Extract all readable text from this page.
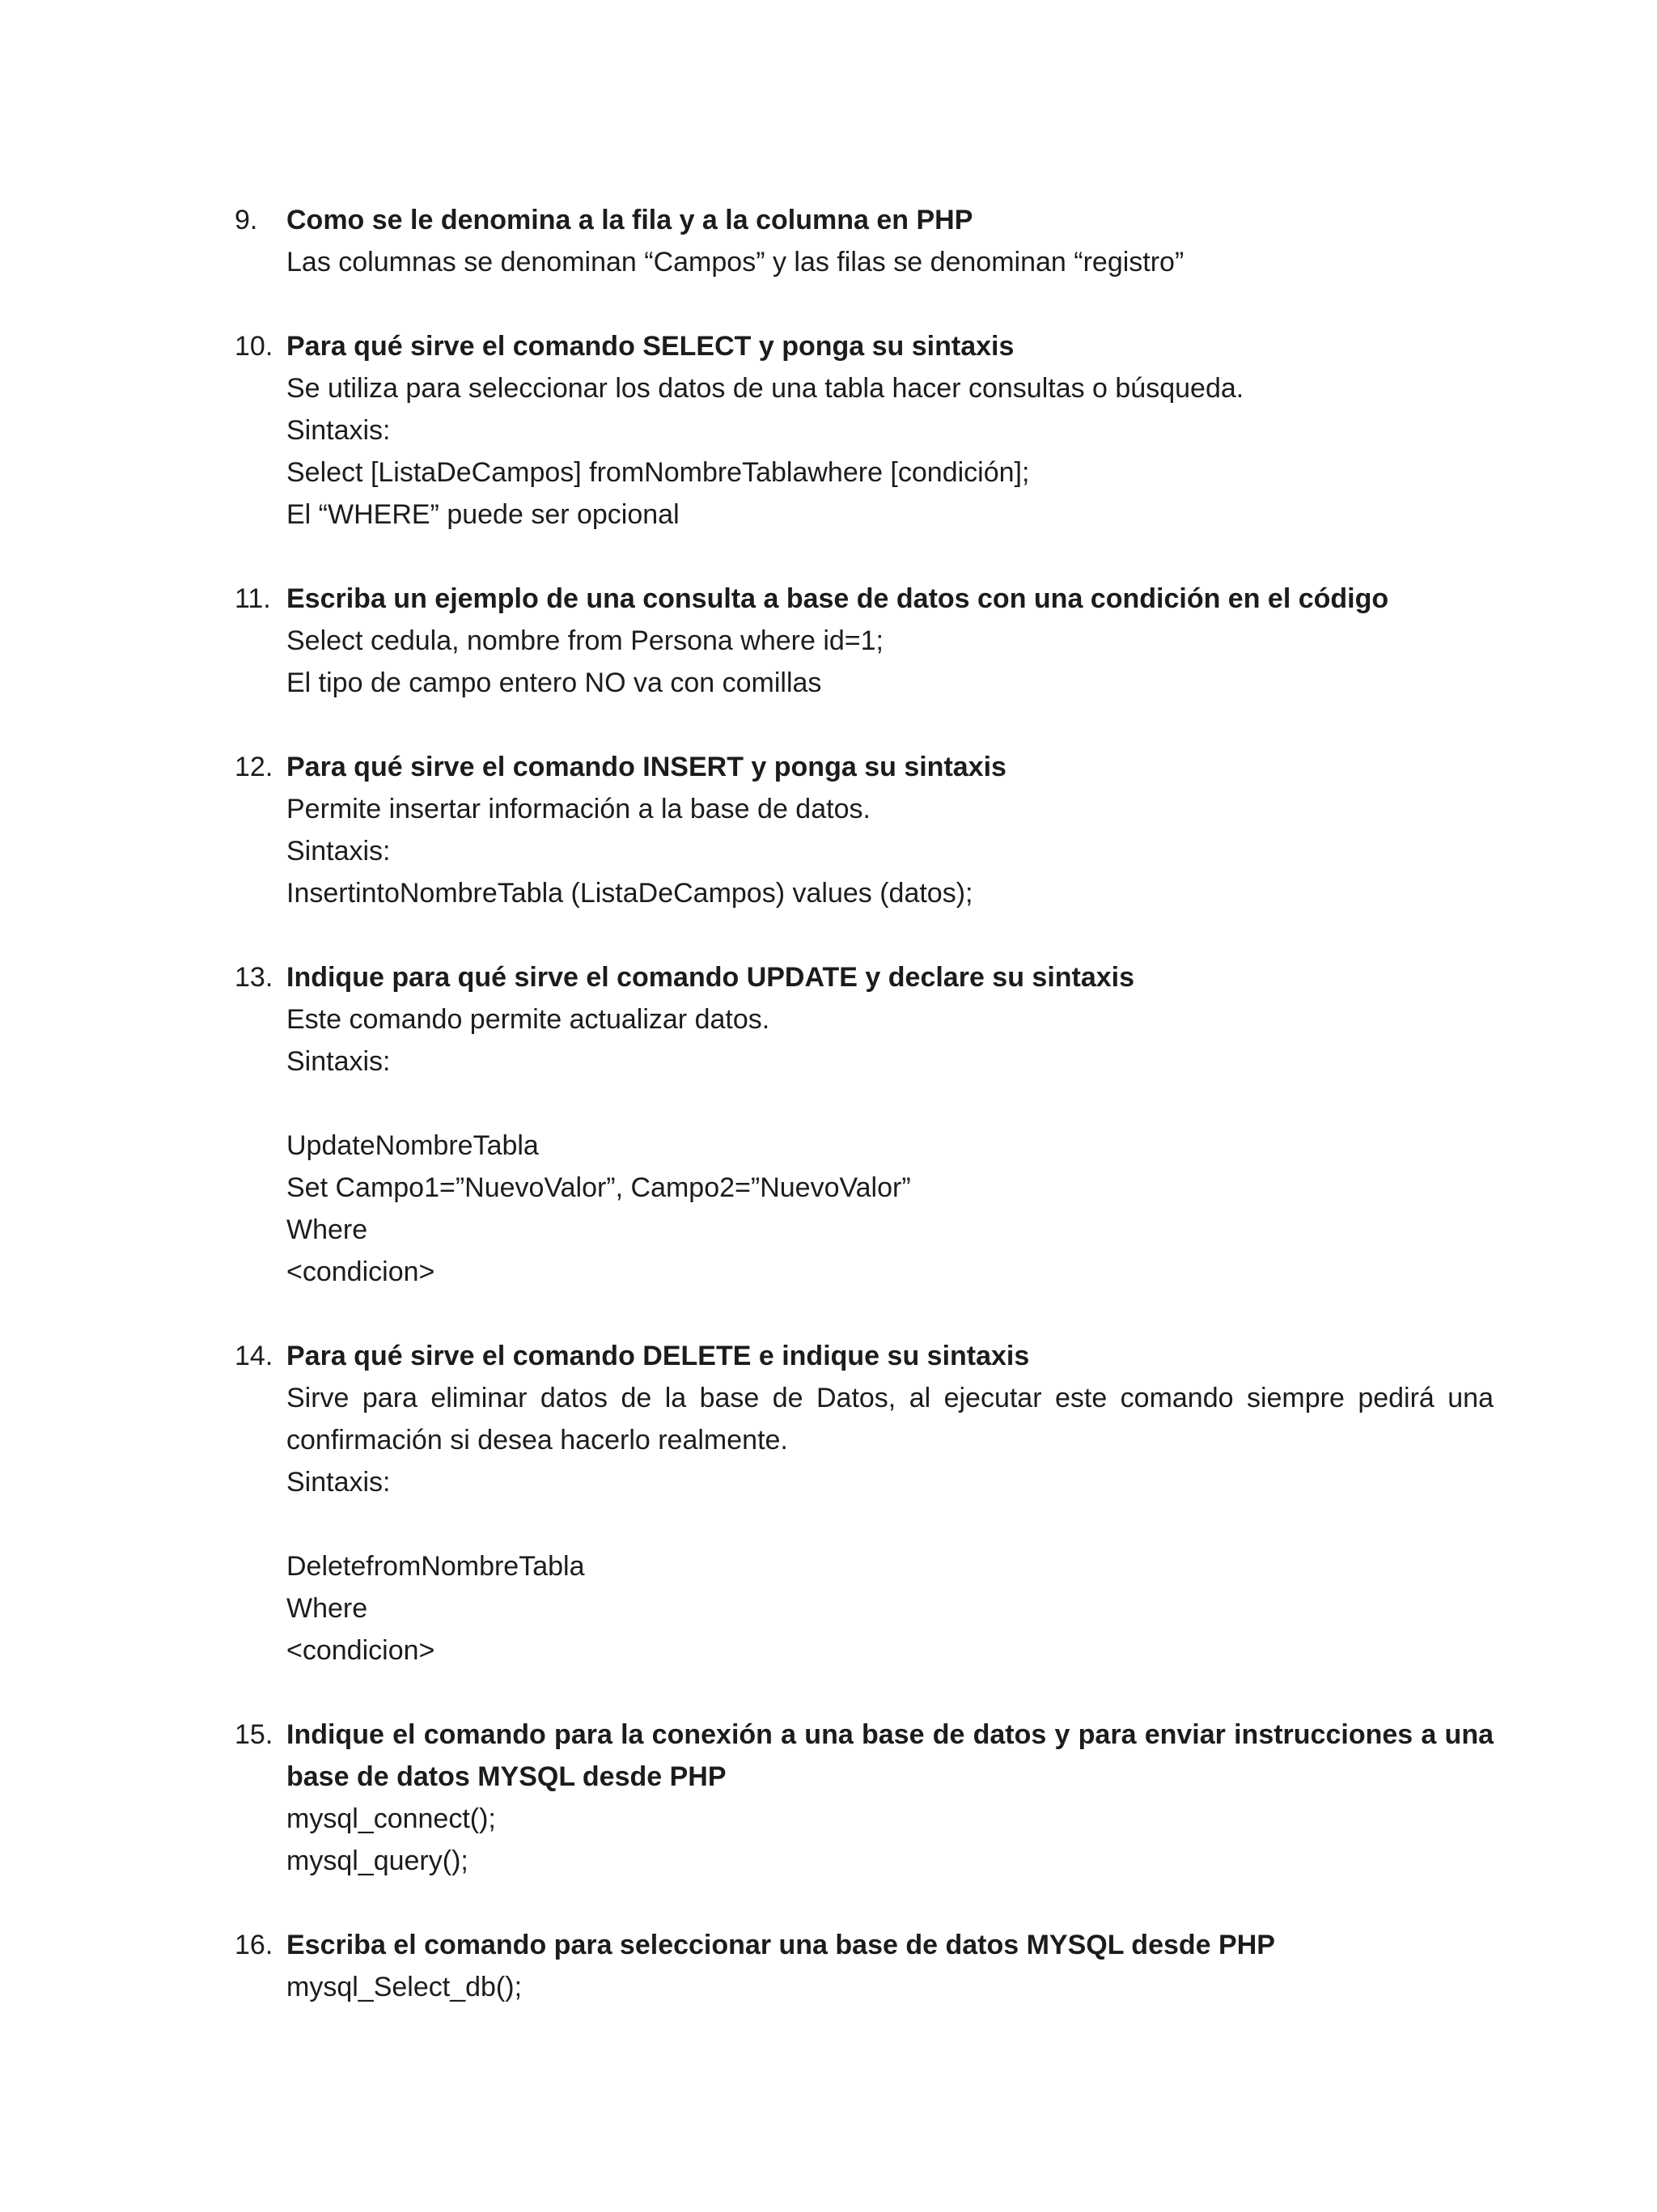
9.	Como se le denomina a la fila y a la columna en PHP
Las columnas se denominan “Campos” y las filas se denominan “registro”
10. Para qué sirve el comando SELECT y ponga su sintaxis
Se utiliza para seleccionar los datos de una tabla hacer consultas o búsqueda.
Sintaxis:
Select [ListaDeCampos] fromNombreTablawhere [condición];
El “WHERE” puede ser opcional
11. Escriba un ejemplo de una consulta a base de datos con una condición en el código
Select cedula, nombre from Persona where id=1;
El tipo de campo entero NO va con comillas
12. Para qué sirve el comando INSERT y ponga su sintaxis
Permite insertar información a la base de datos.
Sintaxis:
InsertintoNombreTabla (ListaDeCampos) values (datos);
13. Indique para qué sirve el comando UPDATE y declare su sintaxis
Este comando permite actualizar datos.
Sintaxis:
UpdateNombreTabla
Set Campo1=”NuevoValor”, Campo2=”NuevoValor”
Where
<condicion>
14. Para qué sirve el comando DELETE e indique su sintaxis
Sirve para eliminar datos de la base de Datos, al ejecutar este comando siempre pedirá una confirmación si desea hacerlo realmente.
Sintaxis:
DeletefromNombreTabla
Where
<condicion>
15. Indique el comando para la conexión a una base de datos y para enviar instrucciones a una base de datos MYSQL desde PHP
mysql_connect();
mysql_query();
16. Escriba el comando para seleccionar una base de datos MYSQL desde PHP
mysql_Select_db();
